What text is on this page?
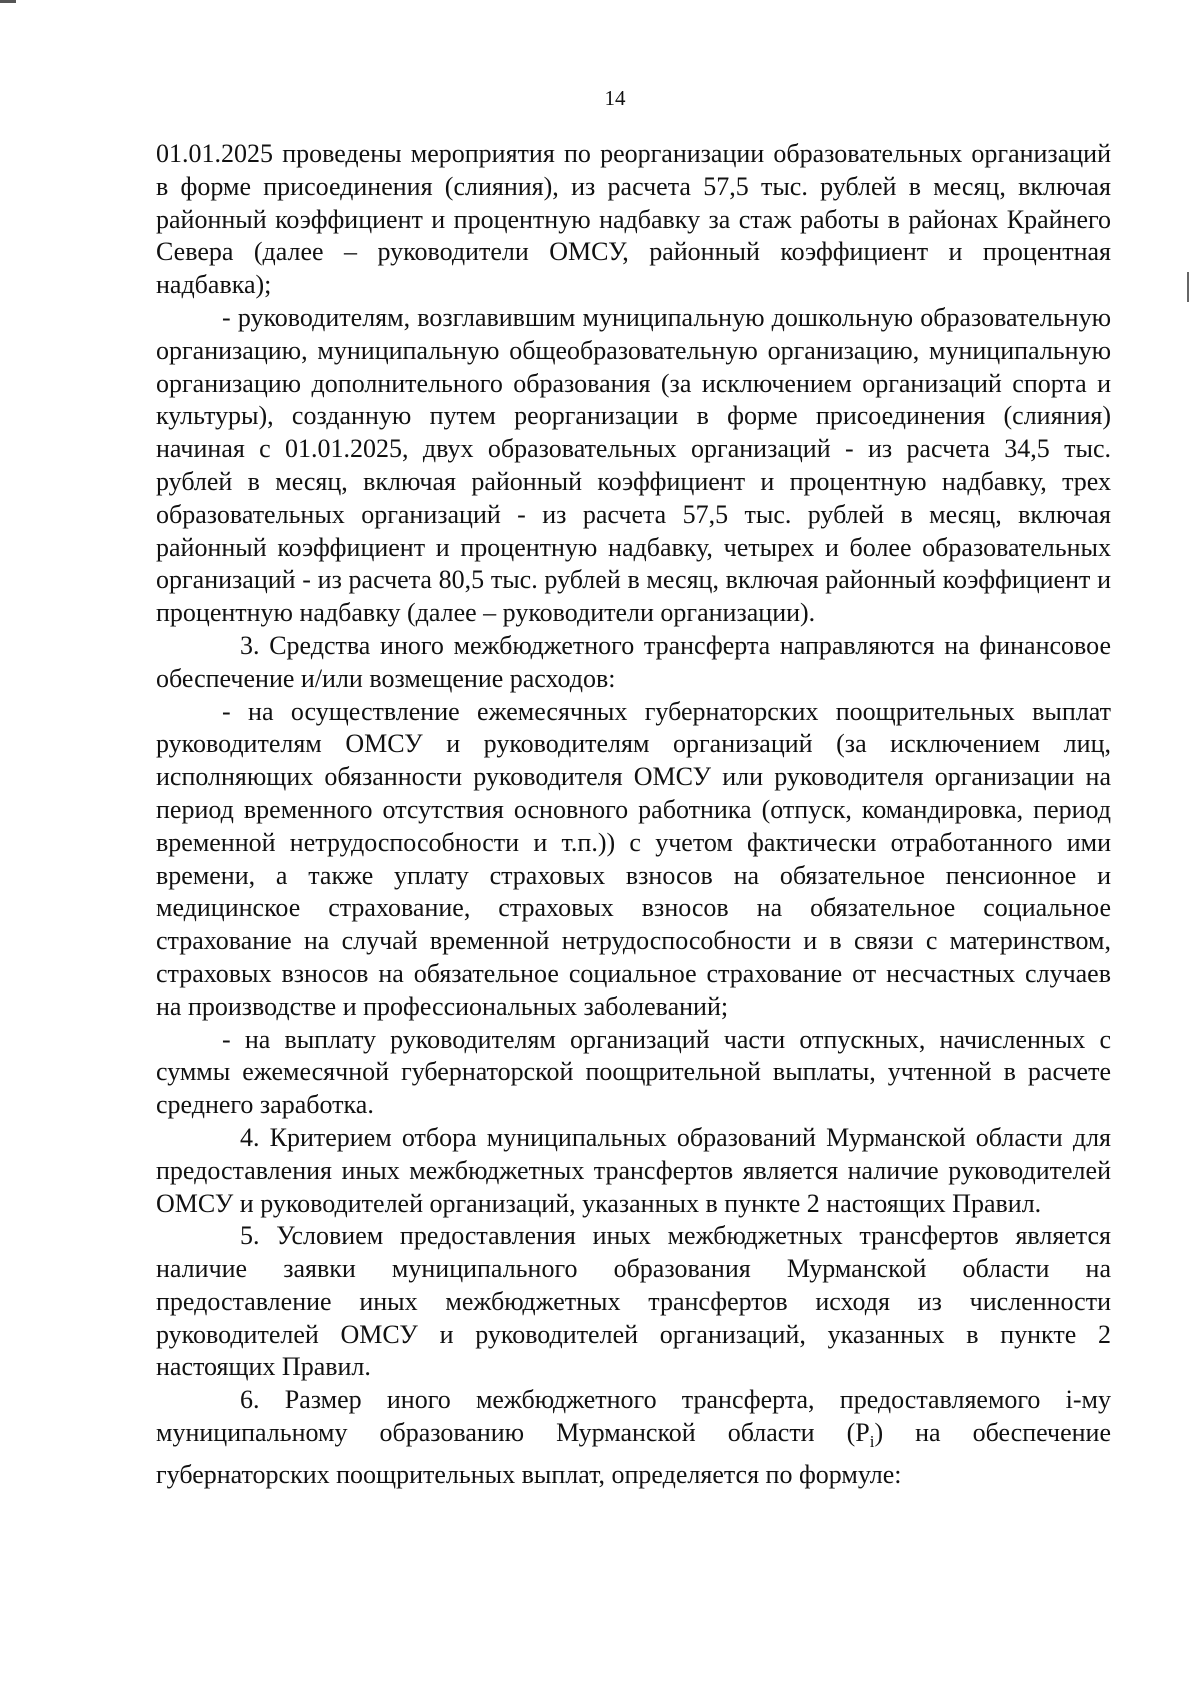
14

01.01.2025 проведены мероприятия по реорганизации образовательных организаций в форме присоединения (слияния), из расчета 57,5 тыс. рублей в месяц, включая районный коэффициент и процентную надбавку за стаж работы в районах Крайнего Севера (далее – руководители ОМСУ, районный коэффициент и процентная надбавка);

- руководителям, возглавившим муниципальную дошкольную образовательную организацию, муниципальную общеобразовательную организацию, муниципальную организацию дополнительного образования (за исключением организаций спорта и культуры), созданную путем реорганизации в форме присоединения (слияния) начиная с 01.01.2025, двух образовательных организаций - из расчета 34,5 тыс. рублей в месяц, включая районный коэффициент и процентную надбавку, трех образовательных организаций - из расчета 57,5 тыс. рублей в месяц, включая районный коэффициент и процентную надбавку, четырех и более образовательных организаций - из расчета 80,5 тыс. рублей в месяц, включая районный коэффициент и процентную надбавку (далее – руководители организации).

3. Средства иного межбюджетного трансферта направляются на финансовое обеспечение и/или возмещение расходов:

- на осуществление ежемесячных губернаторских поощрительных выплат руководителям ОМСУ и руководителям организаций (за исключением лиц, исполняющих обязанности руководителя ОМСУ или руководителя организации на период временного отсутствия основного работника (отпуск, командировка, период временной нетрудоспособности и т.п.)) с учетом фактически отработанного ими времени, а также уплату страховых взносов на обязательное пенсионное и медицинское страхование, страховых взносов на обязательное социальное страхование на случай временной нетрудоспособности и в связи с материнством, страховых взносов на обязательное социальное страхование от несчастных случаев на производстве и профессиональных заболеваний;

- на выплату руководителям организаций части отпускных, начисленных с суммы ежемесячной губернаторской поощрительной выплаты, учтенной в расчете среднего заработка.

4. Критерием отбора муниципальных образований Мурманской области для предоставления иных межбюджетных трансфертов является наличие руководителей ОМСУ и руководителей организаций, указанных в пункте 2 настоящих Правил.

5. Условием предоставления иных межбюджетных трансфертов является наличие заявки муниципального образования Мурманской области на предоставление иных межбюджетных трансфертов исходя из численности руководителей ОМСУ и руководителей организаций, указанных в пункте 2 настоящих Правил.

6. Размер иного межбюджетного трансферта, предоставляемого i-му муниципальному образованию Мурманской области $(P_i)$ на обеспечение губернаторских поощрительных выплат, определяется по формуле:
